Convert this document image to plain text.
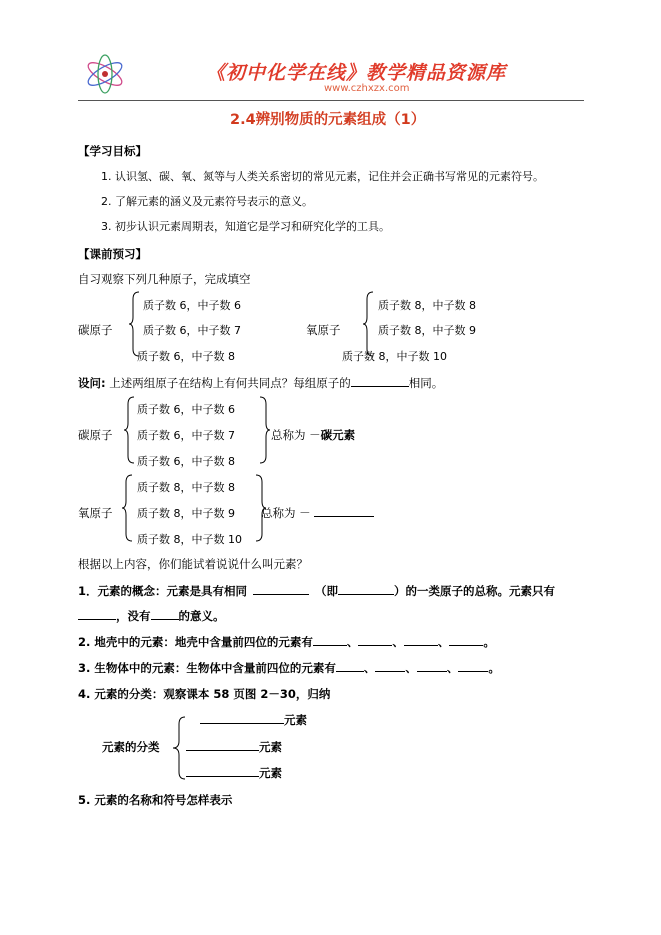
《初中化学在线》教学精品资源库
www.czhxzx.com
2.4辨别物质的元素组成（1）
【学习目标】
1. 认识氢、碳、氧、氮等与人类关系密切的常见元素，记住并会正确书写常见的元素符号。
2. 了解元素的涵义及元素符号表示的意义。
3. 初步认识元素周期表，知道它是学习和研究化学的工具。
【课前预习】
自习观察下列几种原子，完成填空
碳原子
质子数 6，中子数 6
质子数 6，中子数 7
质子数 6，中子数 8
氧原子
质子数 8，中子数 8
质子数 8，中子数 9
质子数 8，中子数 10
设问: 上述两组原子在结构上有何共同点？每组原子的	相同。
碳原子
质子数 6，中子数 6
质子数 6，中子数 7
质子数 6，中子数 8
总称为 －碳元素
氧原子
质子数 8，中子数 8
质子数 8，中子数 9
质子数 8，中子数 10
总称为 －
根据以上内容，你们能试着说说什么叫元素？
1．元素的概念：元素是具有相同	（即	）的一类原子的总称。元素只有
，没有 的意义。
2. 地壳中的元素：地壳中含量前四位的元素有	、	、	、	。
3. 生物体中的元素：生物体中含量前四位的元素有 、	、	、	。
4. 元素的分类：观察课本 58 页图 2－30，归纳
元素的分类
元素
元素
元素
5. 元素的名称和符号怎样表示
